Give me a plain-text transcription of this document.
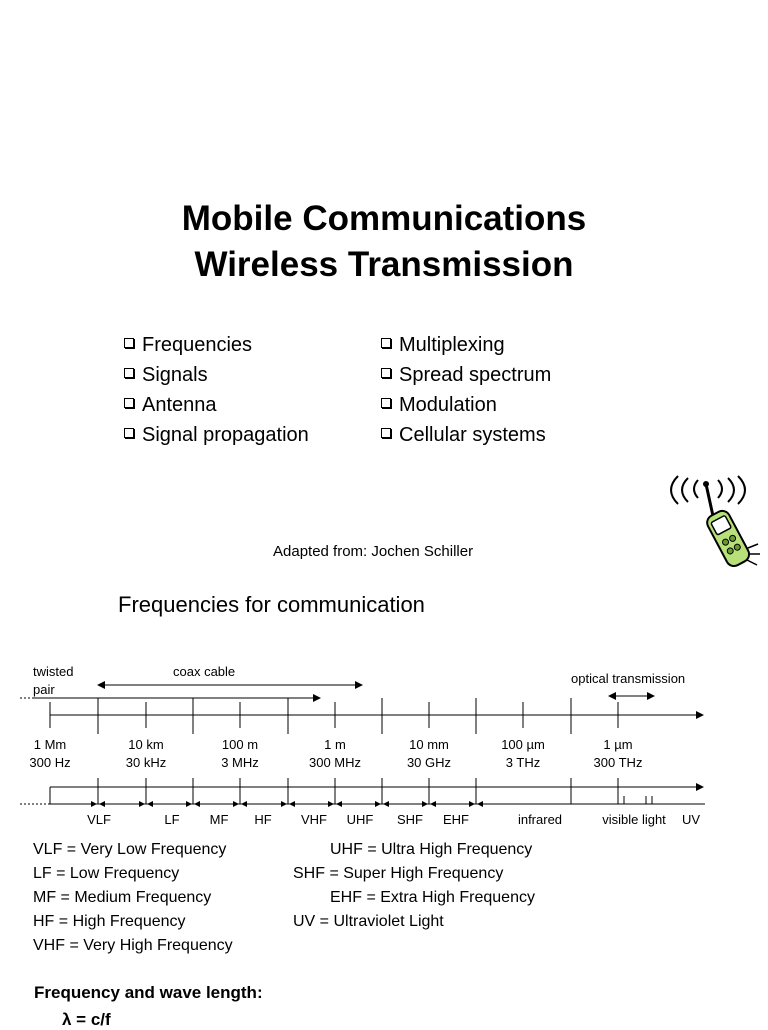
Mobile Communications
Wireless Transmission
Frequencies
Signals
Antenna
Signal propagation
Multiplexing
Spread spectrum
Modulation
Cellular systems
Adapted from: Jochen Schiller
Frequencies for communication
twisted
pair
coax cable	optical transmission
1 Mm
300 Hz
10 km
30 kHz
100 m
3 MHz
1 m
300 MHz
10 mm
30 GHz
100 µm
3 THz
1 µm
300 THz
VLF	LF MF HF VHF UHF SHF EHF	infrared	visible light UV
VLF = Very Low Frequency
LF = Low Frequency
MF = Medium Frequency
HF = High Frequency
VHF = Very High Frequency
UHF = Ultra High Frequency
SHF = Super High Frequency
EHF = Extra High Frequency
UV = Ultraviolet Light
Frequency and wave length:
λ = c/f
